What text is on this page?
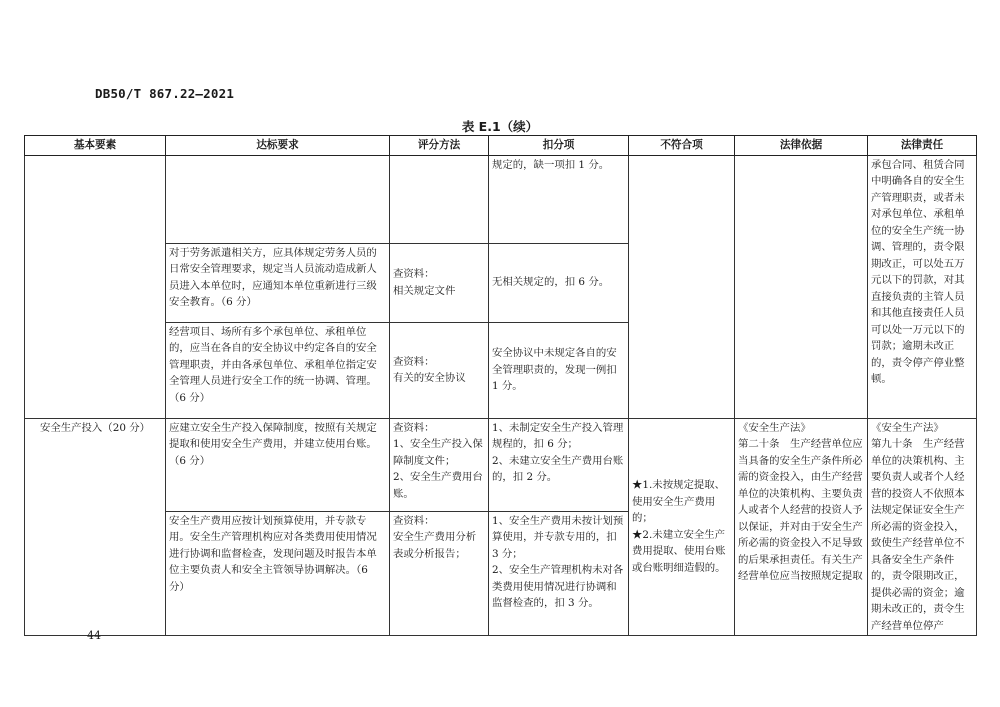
DB50/T 867.22—2021
表 E.1（续）
基本要素	达标要求	评分方法	扣分项	不符合项	法律依据	法律责任
			规定的，缺一项扣 1 分。			承包合同、租赁合同中明确各自的安全生产管理职责，或者未对承包单位、承租单位的安全生产统一协调、管理的，责令限期改正，可以处五万元以下的罚款，对其直接负责的主管人员和其他直接责任人员可以处一万元以下的罚款；逾期未改正的，责令停产停业整顿。
	对于劳务派遣相关方，应具体规定劳务人员的日常安全管理要求，规定当人员流动造成新人员进入本单位时，应通知本单位重新进行三级安全教育。（6 分）	查资料：
相关规定文件	无相关规定的，扣 6 分。			
	经营项目、场所有多个承包单位、承租单位的，应当在各自的安全协议中约定各自的安全管理职责，并由各承包单位、承租单位指定安全管理人员进行安全工作的统一协调、管理。（6 分）	查资料：
有关的安全协议	安全协议中未规定各自的安全管理职责的，发现一例扣 1 分。			
安全生产投入（20 分）	应建立安全生产投入保障制度，按照有关规定提取和使用安全生产费用，并建立使用台账。（6 分）	查资料：
1、安全生产投入保障制度文件；
2、安全生产费用台账。	1、未制定安全生产投入管理规程的，扣 6 分；
2、未建立安全生产费用台账的，扣 2 分。	★1.未按规定提取、使用安全生产费用的；
★2.未建立安全生产费用提取、使用台账或台账明细造假的。	《安全生产法》
第二十条　生产经营单位应当具备的安全生产条件所必需的资金投入，由生产经营单位的决策机构、主要负责人或者个人经营的投资人予以保证，并对由于安全生产所必需的资金投入不足导致的后果承担责任。有关生产经营单位应当按照规定提取	《安全生产法》
第九十条　生产经营单位的决策机构、主要负责人或者个人经营的投资人不依照本法规定保证安全生产所必需的资金投入，致使生产经营单位不具备安全生产条件的，责令限期改正，提供必需的资金；逾期未改正的，责令生产经营单位停产
	安全生产费用应按计划预算使用，并专款专用。安全生产管理机构应对各类费用使用情况进行协调和监督检查，发现问题及时报告本单位主要负责人和安全主管领导协调解决。（6 分）	查资料：
安全生产费用分析表或分析报告；	1、安全生产费用未按计划预算使用，并专款专用的，扣 3 分；
2、安全生产管理机构未对各类费用使用情况进行协调和监督检查的，扣 3 分。			
44
